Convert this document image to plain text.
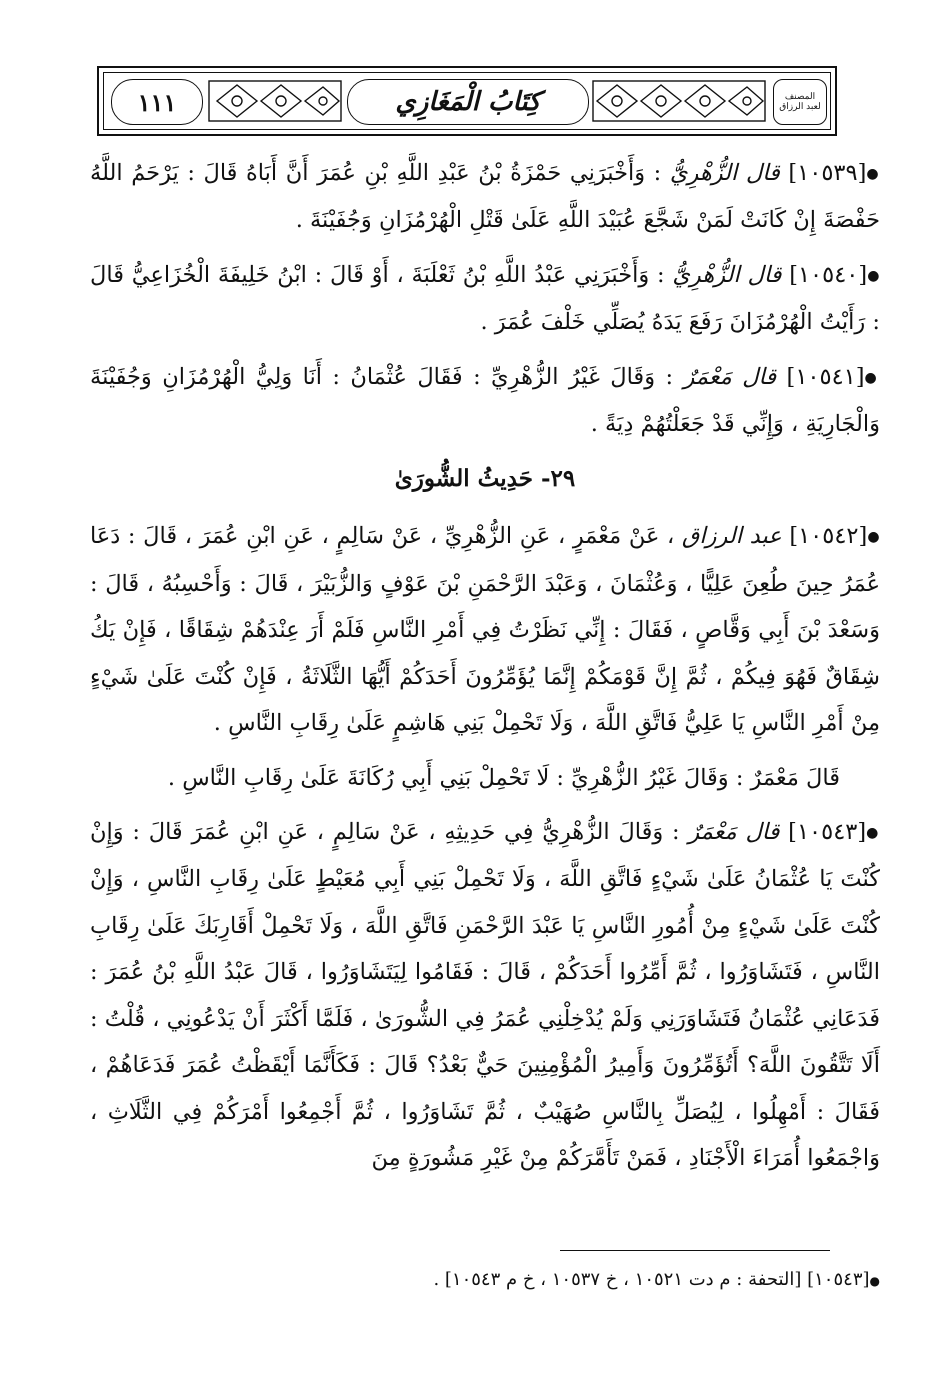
١١١	كِتَابُ الْمَغَازِي	المصنف
لعبد الرزاق

●[١٠٥٣٩] قال الزُّهْرِيُّ : وَأَخْبَرَنِي حَمْزَةُ بْنُ عَبْدِ اللَّهِ بْنِ عُمَرَ أَنَّ أَبَاهُ قَالَ : يَرْحَمُ اللَّهُ حَفْصَةَ إِنْ كَانَتْ لَمَنْ شَجَّعَ عُبَيْدَ اللَّهِ عَلَىٰ قَتْلِ الْهُرْمُزَانِ وَجُفَيْنَةَ .

●[١٠٥٤٠] قال الزُّهْرِيُّ : وَأَخْبَرَنِي عَبْدُ اللَّهِ بْنُ ثَعْلَبَةَ ، أَوْ قَالَ : ابْنُ خَلِيفَةَ الْخُزَاعِيُّ قَالَ : رَأَيْتُ الْهُرْمُزَانَ رَفَعَ يَدَهُ يُصَلِّي خَلْفَ عُمَرَ .

●[١٠٥٤١] قال مَعْمَرٌ : وَقَالَ غَيْرُ الزُّهْرِيِّ : فَقَالَ عُثْمَانُ : أَنَا وَلِيُّ الْهُرْمُزَانِ وَجُفَيْنَةَ وَالْجَارِيَةِ ، وَإِنِّي قَدْ جَعَلْتُهُمْ دِيَةً .

٢٩- حَدِيثُ الشُّورَىٰ

●[١٠٥٤٢] عبد الرزاق ، عَنْ مَعْمَرٍ ، عَنِ الزُّهْرِيِّ ، عَنْ سَالِمٍ ، عَنِ ابْنِ عُمَرَ ، قَالَ : دَعَا عُمَرُ حِينَ طُعِنَ عَلِيًّا ، وَعُثْمَانَ ، وَعَبْدَ الرَّحْمَنِ بْنَ عَوْفٍ وَالزُّبَيْرَ ، قَالَ : وَأَحْسِبُهُ ، قَالَ : وَسَعْدَ بْنَ أَبِي وَقَّاصٍ ، فَقَالَ : إِنِّي نَظَرْتُ فِي أَمْرِ النَّاسِ فَلَمْ أَرَ عِنْدَهُمْ شِقَاقًا ، فَإِنْ يَكُ شِقَاقٌ فَهُوَ فِيكُمْ ، ثُمَّ إِنَّ قَوْمَكُمْ إِنَّمَا يُؤَمِّرُونَ أَحَدَكُمْ أَيُّهَا الثَّلَاثَةُ ، فَإِنْ كُنْتَ عَلَىٰ شَيْءٍ مِنْ أَمْرِ النَّاسِ يَا عَلِيُّ فَاتَّقِ اللَّهَ ، وَلَا تَحْمِلْ بَنِي هَاشِمٍ عَلَىٰ رِقَابِ النَّاسِ .

قَالَ مَعْمَرٌ : وَقَالَ غَيْرُ الزُّهْرِيِّ : لَا تَحْمِلْ بَنِي أَبِي رُكَانَةَ عَلَىٰ رِقَابِ النَّاسِ .

●[١٠٥٤٣] قال مَعْمَرٌ : وَقَالَ الزُّهْرِيُّ فِي حَدِيثِهِ ، عَنْ سَالِمٍ ، عَنِ ابْنِ عُمَرَ قَالَ : وَإِنْ كُنْتَ يَا عُثْمَانُ عَلَىٰ شَيْءٍ فَاتَّقِ اللَّهَ ، وَلَا تَحْمِلْ بَنِي أَبِي مُعَيْطٍ عَلَىٰ رِقَابِ النَّاسِ ، وَإِنْ كُنْتَ عَلَىٰ شَيْءٍ مِنْ أُمُورِ النَّاسِ يَا عَبْدَ الرَّحْمَنِ فَاتَّقِ اللَّهَ ، وَلَا تَحْمِلْ أَقَارِبَكَ عَلَىٰ رِقَابِ النَّاسِ ، فَتَشَاوَرُوا ، ثُمَّ أَمِّرُوا أَحَدَكُمْ ، قَالَ : فَقَامُوا لِيَتَشَاوَرُوا ، قَالَ عَبْدُ اللَّهِ بْنُ عُمَرَ : فَدَعَانِي عُثْمَانُ فَتَشَاوَرَنِي وَلَمْ يُدْخِلْنِي عُمَرُ فِي الشُّورَىٰ ، فَلَمَّا أَكْثَرَ أَنْ يَدْعُونِي ، قُلْتُ : أَلَا تَتَّقُونَ اللَّهَ؟ أَتُؤَمِّرُونَ وَأَمِيرُ الْمُؤْمِنِينَ حَيٌّ بَعْدُ؟ قَالَ : فَكَأَنَّمَا أَيْقَظْتُ عُمَرَ فَدَعَاهُمْ ، فَقَالَ : أَمْهِلُوا ، لِيُصَلِّ بِالنَّاسِ صُهَيْبٌ ، ثُمَّ تَشَاوَرُوا ، ثُمَّ أَجْمِعُوا أَمْرَكُمْ فِي الثَّلَاثِ ، وَاجْمَعُوا أُمَرَاءَ الْأَجْنَادِ ، فَمَنْ تَأَمَّرَكُمْ مِنْ غَيْرِ مَشُورَةٍ مِنَ

●[١٠٥٤٣] [التحفة : م دت ١٠٥٢١ ، خ ١٠٥٣٧ ، خ م ١٠٥٤٣] .
